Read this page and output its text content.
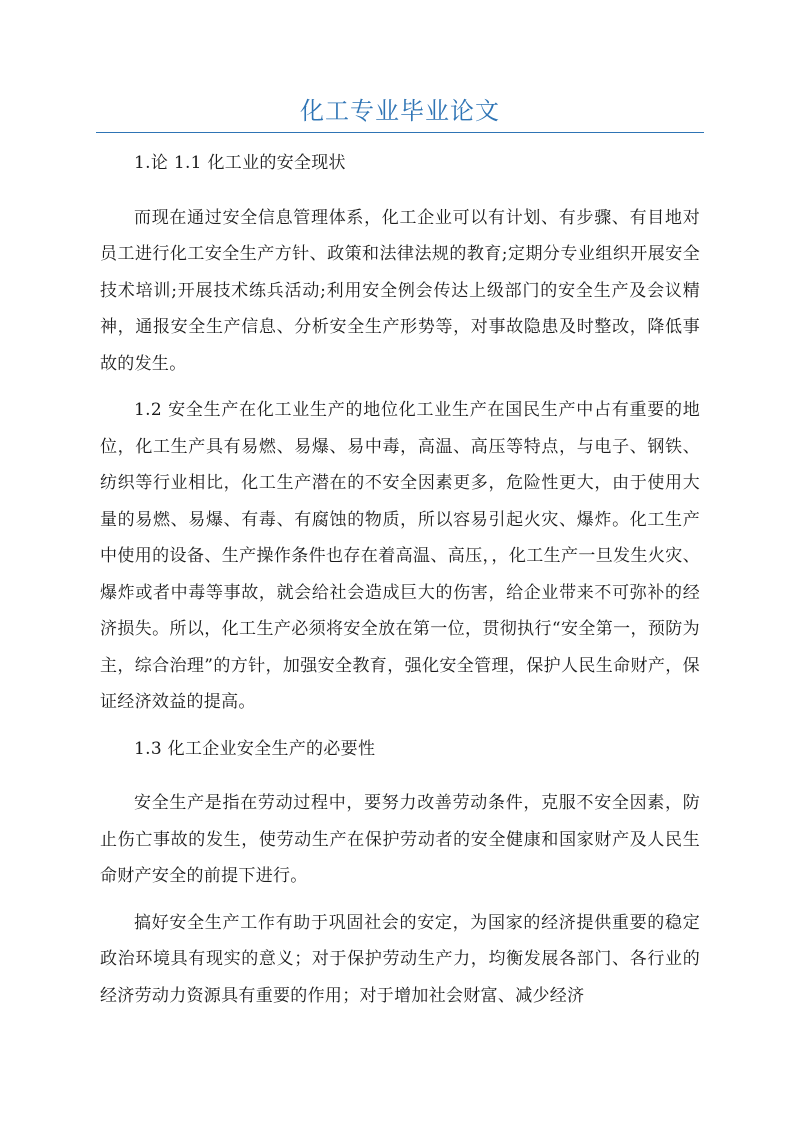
化工专业毕业论文

1.论 1.1 化工业的安全现状

而现在通过安全信息管理体系，化工企业可以有计划、有步骤、有目地对员工进行化工安全生产方针、政策和法律法规的教育;定期分专业组织开展安全技术培训;开展技术练兵活动;利用安全例会传达上级部门的安全生产及会议精神，通报安全生产信息、分析安全生产形势等，对事故隐患及时整改，降低事故的发生。

1.2 安全生产在化工业生产的地位化工业生产在国民生产中占有重要的地位，化工生产具有易燃、易爆、易中毒，高温、高压等特点，与电子、钢铁、纺织等行业相比，化工生产潜在的不安全因素更多，危险性更大，由于使用大量的易燃、易爆、有毒、有腐蚀的物质，所以容易引起火灾、爆炸。化工生产中使用的设备、生产操作条件也存在着高温、高压，，化工生产一旦发生火灾、爆炸或者中毒等事故，就会给社会造成巨大的伤害，给企业带来不可弥补的经济损失。所以，化工生产必须将安全放在第一位，贯彻执行“安全第一，预防为主，综合治理”的方针，加强安全教育，强化安全管理，保护人民生命财产，保证经济效益的提高。

1.3 化工企业安全生产的必要性

安全生产是指在劳动过程中，要努力改善劳动条件，克服不安全因素，防止伤亡事故的发生，使劳动生产在保护劳动者的安全健康和国家财产及人民生命财产安全的前提下进行。

搞好安全生产工作有助于巩固社会的安定，为国家的经济提供重要的稳定政治环境具有现实的意义；对于保护劳动生产力，均衡发展各部门、各行业的经济劳动力资源具有重要的作用；对于增加社会财富、减少经济
